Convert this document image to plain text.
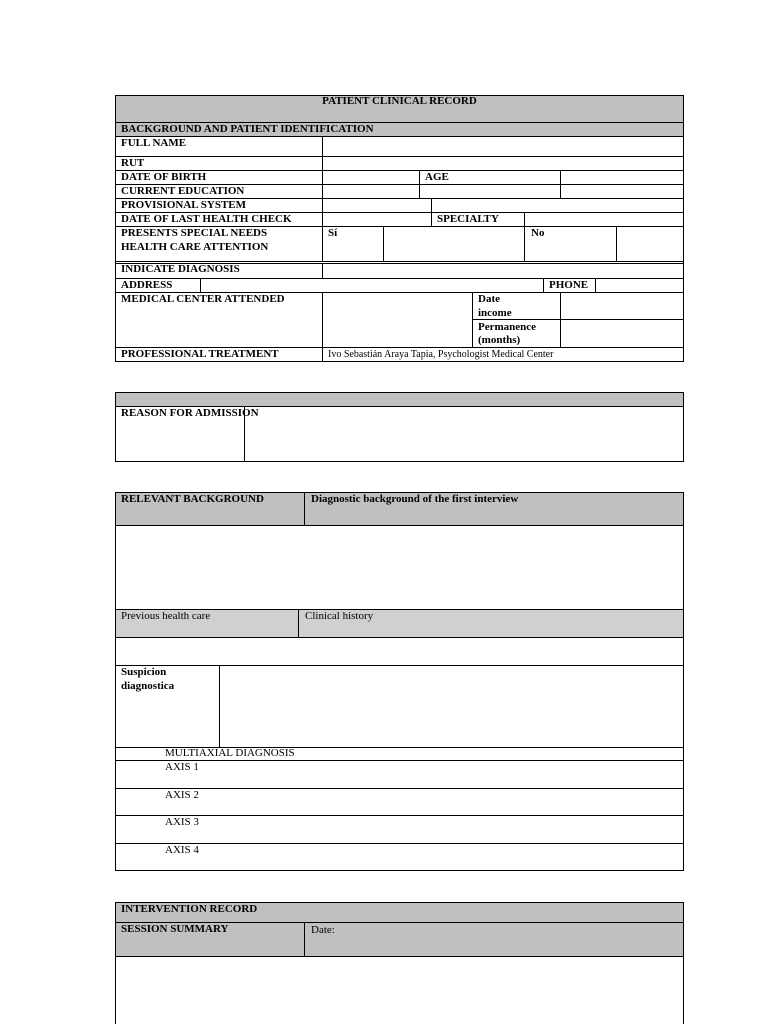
PATIENT CLINICAL RECORD
BACKGROUND AND PATIENT IDENTIFICATION
FULL NAME
RUT
DATE OF BIRTH	AGE
CURRENT EDUCATION
PROVISIONAL SYSTEM
DATE OF LAST HEALTH CHECK	SPECIALTY
PRESENTS SPECIAL NEEDS
HEALTH CARE ATTENTION
Sí	No
INDICATE DIAGNOSIS
ADDRESS	PHONE
MEDICAL CENTER ATTENDED	Date
income
Permanence
(months)
PROFESSIONAL TREATMENT	Ivo Sebastián Araya Tapia, Psychologist Medical Center
REASON FOR ADMISSION
RELEVANT BACKGROUND	Diagnostic background of the first interview
Previous health care	Clinical history
Suspicion
diagnostica
MULTIAXIAL DIAGNOSIS
AXIS 1
AXIS 2
AXIS 3
AXIS 4
INTERVENTION RECORD
SESSION SUMMARY	Date:
